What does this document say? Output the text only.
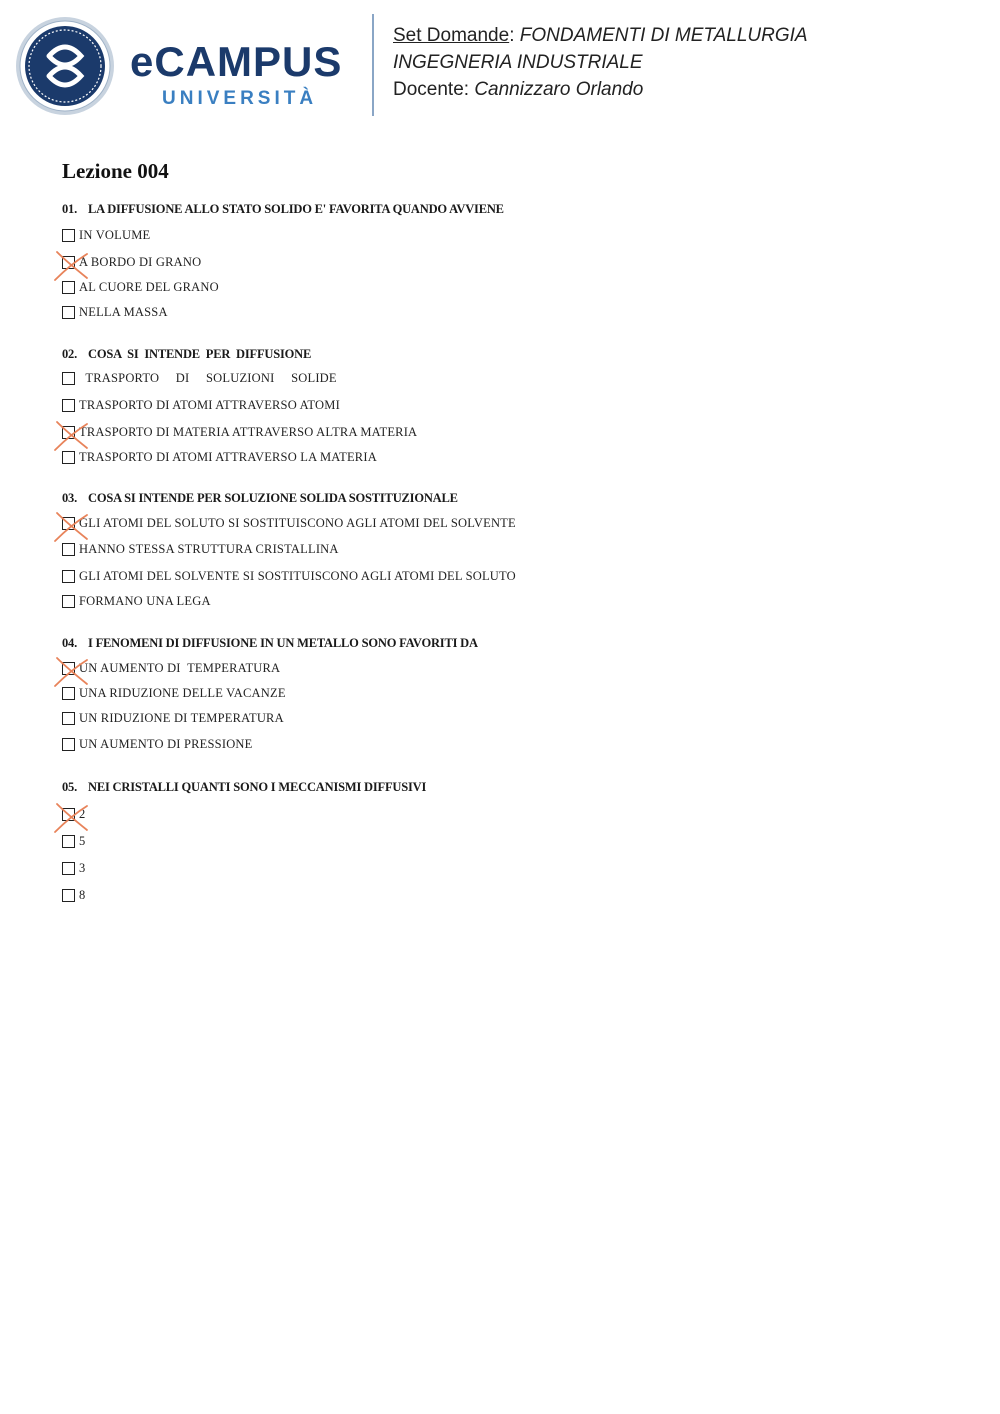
eCAMPUS
UNIVERSITÀ
Set Domande: FONDAMENTI DI METALLURGIA
INGEGNERIA INDUSTRIALE
Docente: Cannizzaro Orlando
Lezione 004
01. LA DIFFUSIONE ALLO STATO SOLIDO E' FAVORITA QUANDO AVVIENE
IN VOLUME
A BORDO DI GRANO
AL CUORE DEL GRANO
NELLA MASSA
02. COSA  SI  INTENDE  PER  DIFFUSIONE
TRASPORTO     DI     SOLUZIONI     SOLIDE
TRASPORTO DI ATOMI ATTRAVERSO ATOMI
TRASPORTO DI MATERIA ATTRAVERSO ALTRA MATERIA
TRASPORTO DI ATOMI ATTRAVERSO LA MATERIA
03. COSA SI INTENDE PER SOLUZIONE SOLIDA SOSTITUZIONALE
GLI ATOMI DEL SOLUTO SI SOSTITUISCONO AGLI ATOMI DEL SOLVENTE
HANNO STESSA STRUTTURA CRISTALLINA
GLI ATOMI DEL SOLVENTE SI SOSTITUISCONO AGLI ATOMI DEL SOLUTO
FORMANO UNA LEGA
04. I FENOMENI DI DIFFUSIONE IN UN METALLO SONO FAVORITI DA
UN AUMENTO DI  TEMPERATURA
UNA RIDUZIONE DELLE VACANZE
UN RIDUZIONE DI TEMPERATURA
UN AUMENTO DI PRESSIONE
05. NEI CRISTALLI QUANTI SONO I MECCANISMI DIFFUSIVI
2
5
3
8
